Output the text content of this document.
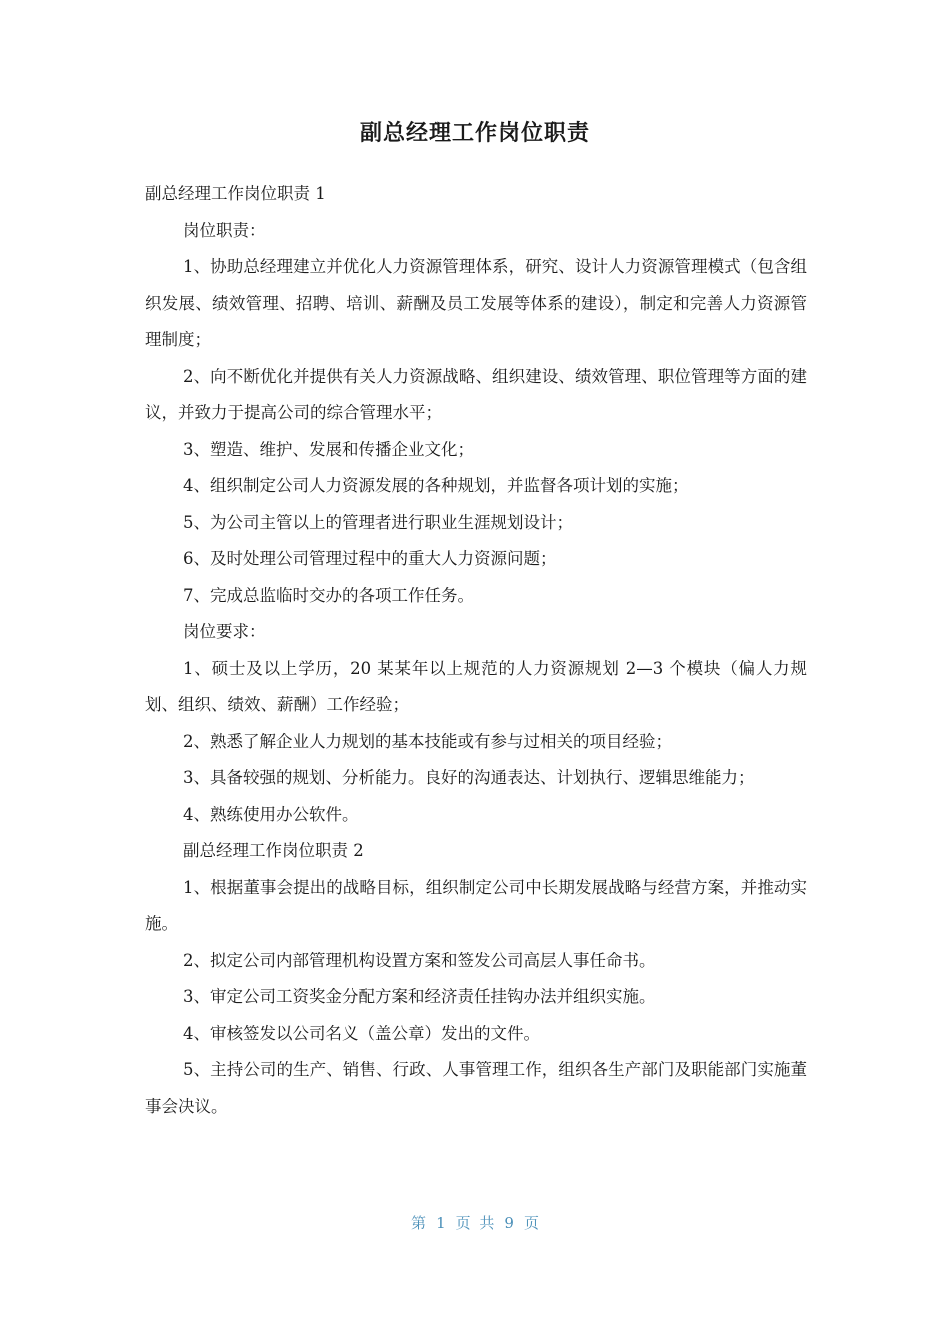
副总经理工作岗位职责

副总经理工作岗位职责 1

岗位职责：

1、协助总经理建立并优化人力资源管理体系，研究、设计人力资源管理模式（包含组织发展、绩效管理、招聘、培训、薪酬及员工发展等体系的建设），制定和完善人力资源管理制度；

2、向不断优化并提供有关人力资源战略、组织建设、绩效管理、职位管理等方面的建议，并致力于提高公司的综合管理水平；

3、塑造、维护、发展和传播企业文化；

4、组织制定公司人力资源发展的各种规划，并监督各项计划的实施；

5、为公司主管以上的管理者进行职业生涯规划设计；

6、及时处理公司管理过程中的重大人力资源问题；

7、完成总监临时交办的各项工作任务。

岗位要求：

1、硕士及以上学历，20 某某年以上规范的人力资源规划 2—3 个模块（偏人力规划、组织、绩效、薪酬）工作经验；

2、熟悉了解企业人力规划的基本技能或有参与过相关的项目经验；

3、具备较强的规划、分析能力。良好的沟通表达、计划执行、逻辑思维能力；

4、熟练使用办公软件。

副总经理工作岗位职责 2

1、根据董事会提出的战略目标，组织制定公司中长期发展战略与经营方案，并推动实施。

2、拟定公司内部管理机构设置方案和签发公司高层人事任命书。

3、审定公司工资奖金分配方案和经济责任挂钩办法并组织实施。

4、审核签发以公司名义（盖公章）发出的文件。

5、主持公司的生产、销售、行政、人事管理工作，组织各生产部门及职能部门实施董事会决议。

第 1 页 共 9 页
